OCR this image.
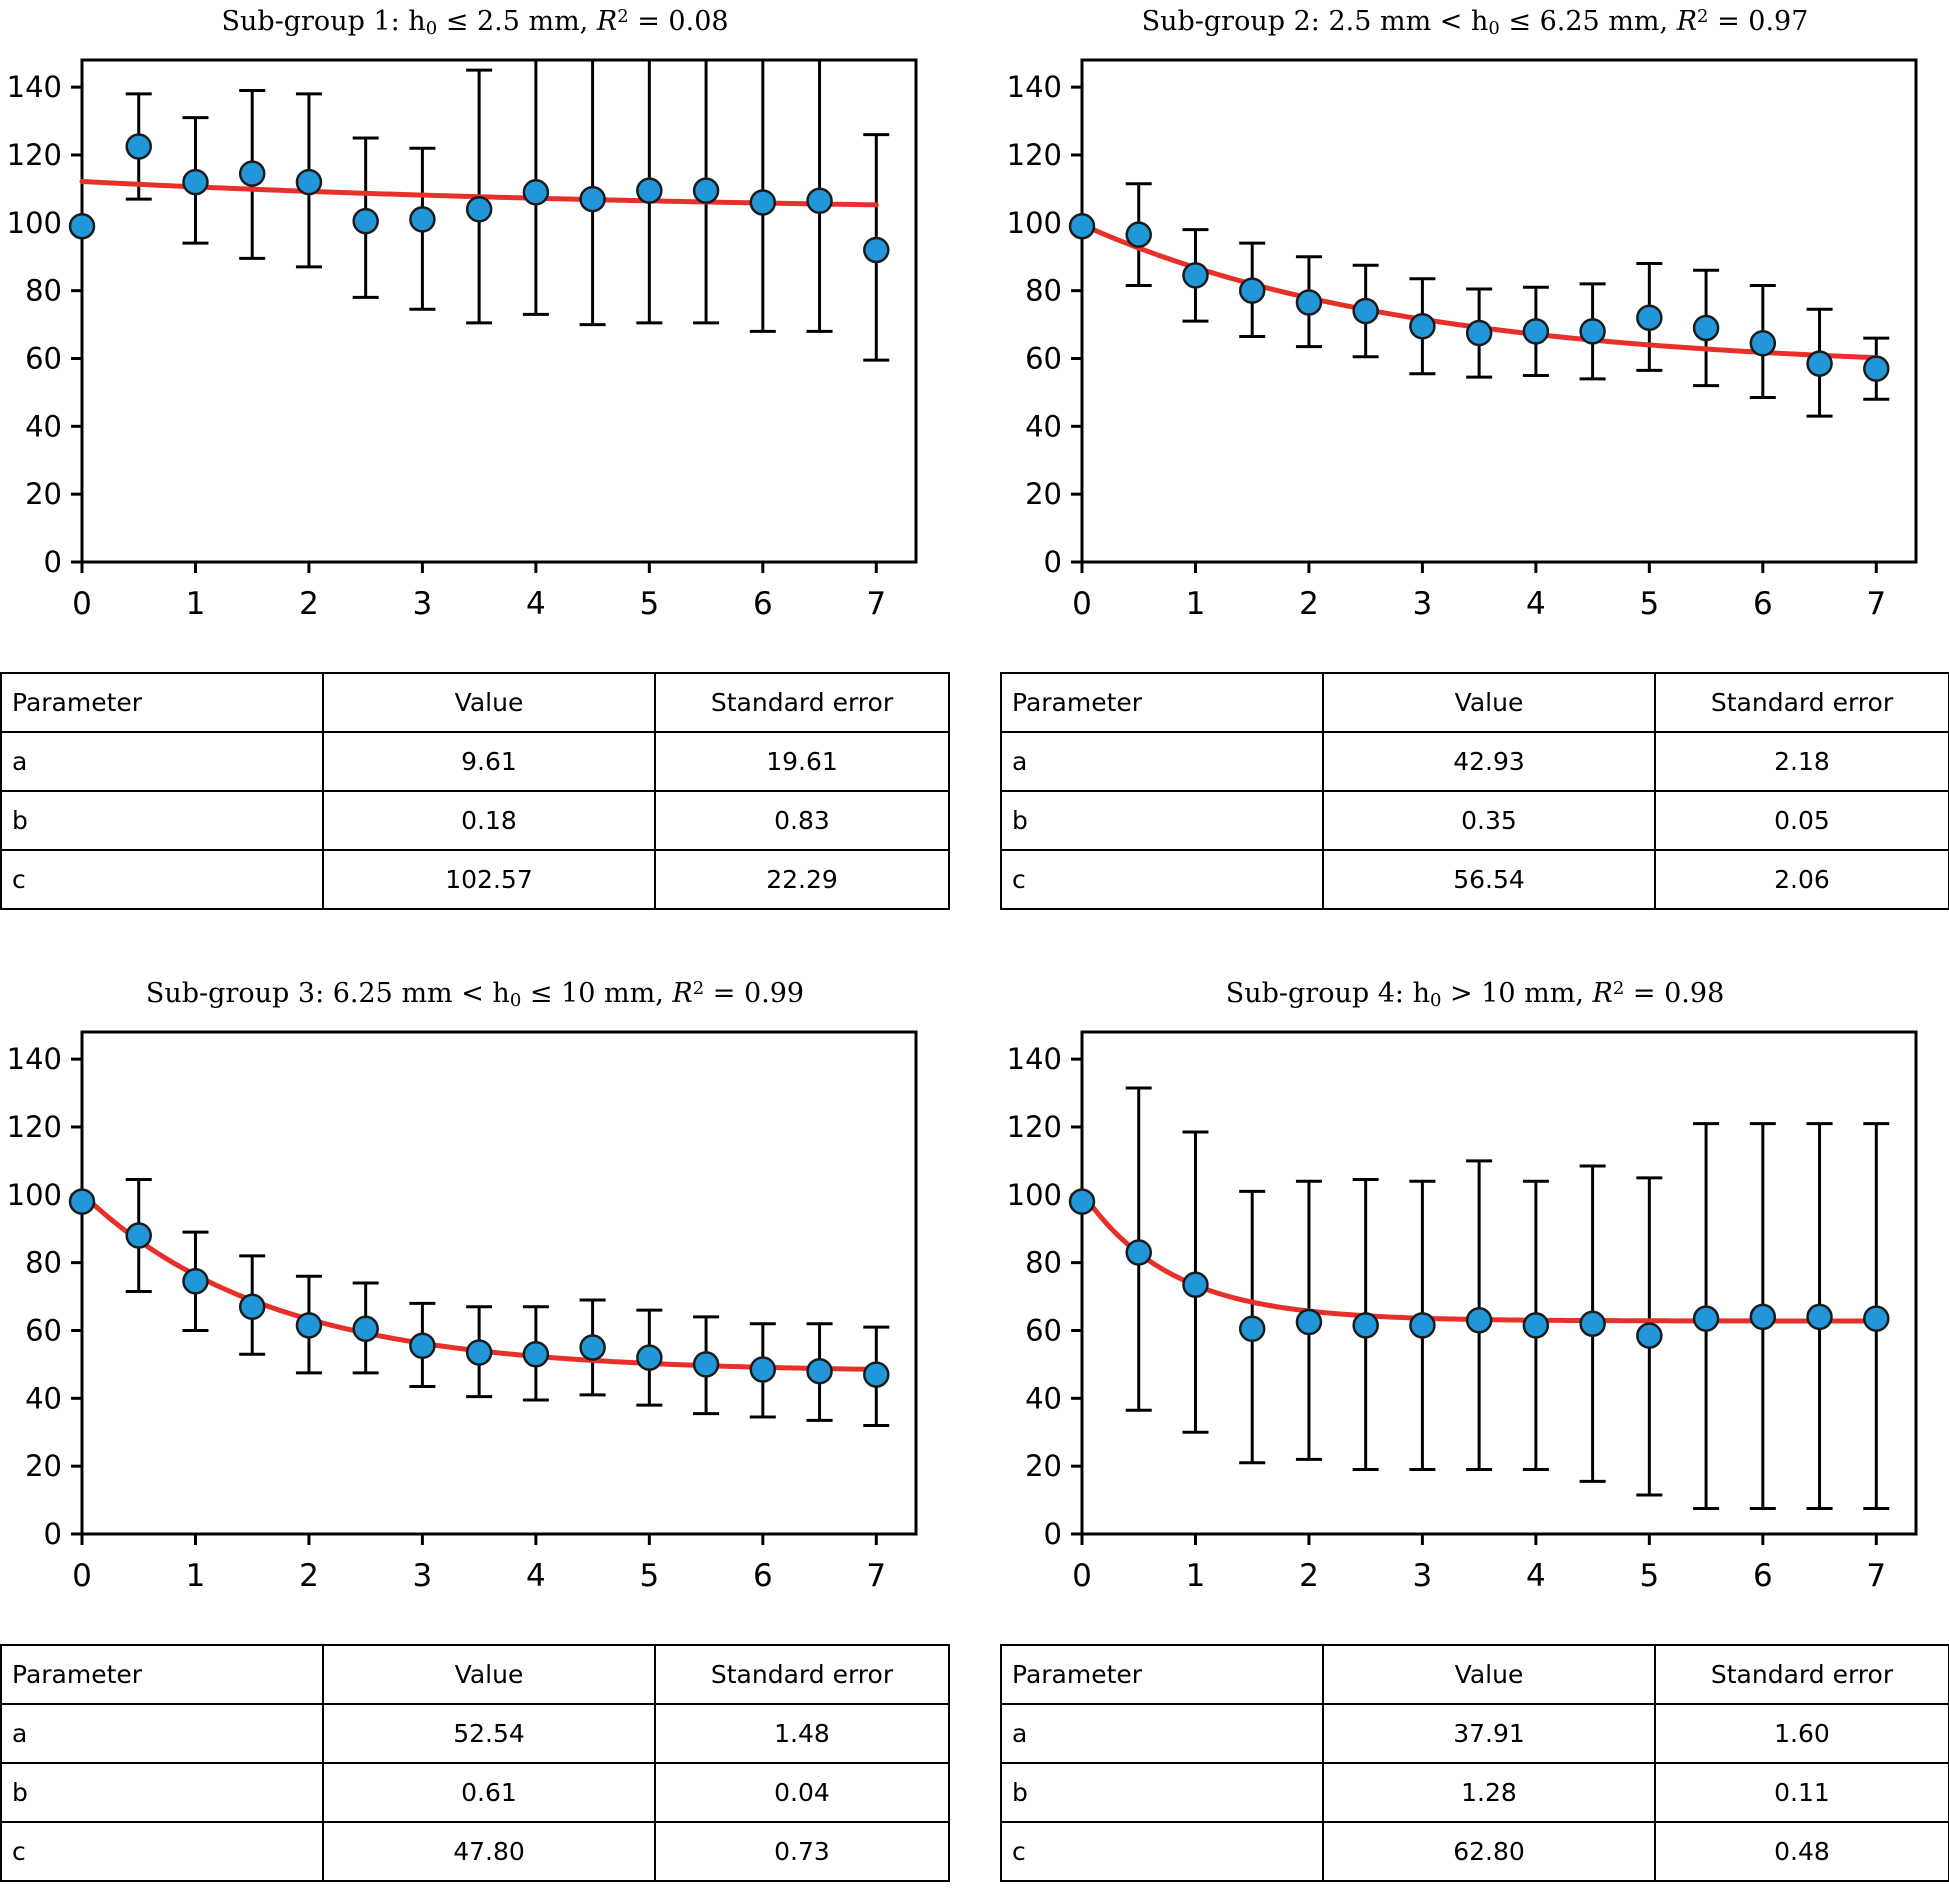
Sub-group 1: $h_0 \le 2.5$ mm, $R^2 = 0.08$
0
20
40
60
80
100
120
140
0	1	2	3	4	5	6	7
Parameter	Value	Standard error
a	9.61	19.61
b	0.18	0.83
c	102.57	22.29
Sub-group 2: 2.5 mm < $h_0 \le 6.25$ mm, $R^2 = 0.97$
0
20
40
60
80
100
120
140
0	1	2	3	4	5	6	7
Parameter	Value	Standard error
a	42.93	2.18
b	0.35	0.05
c	56.54	2.06
Sub-group 3: 6.25 mm < $h_0 \le 10$ mm, $R^2 = 0.99$
0
20
40
60
80
100
120
140
0	1	2	3	4	5	6	7
Parameter	Value	Standard error
a	52.54	1.48
b	0.61	0.04
c	47.80	0.73
Sub-group 4: $h_0 > 10$ mm, $R^2 = 0.98$
0
20
40
60
80
100
120
140
0	1	2	3	4	5	6	7
Parameter	Value	Standard error
a	37.91	1.60
b	1.28	0.11
c	62.80	0.48
